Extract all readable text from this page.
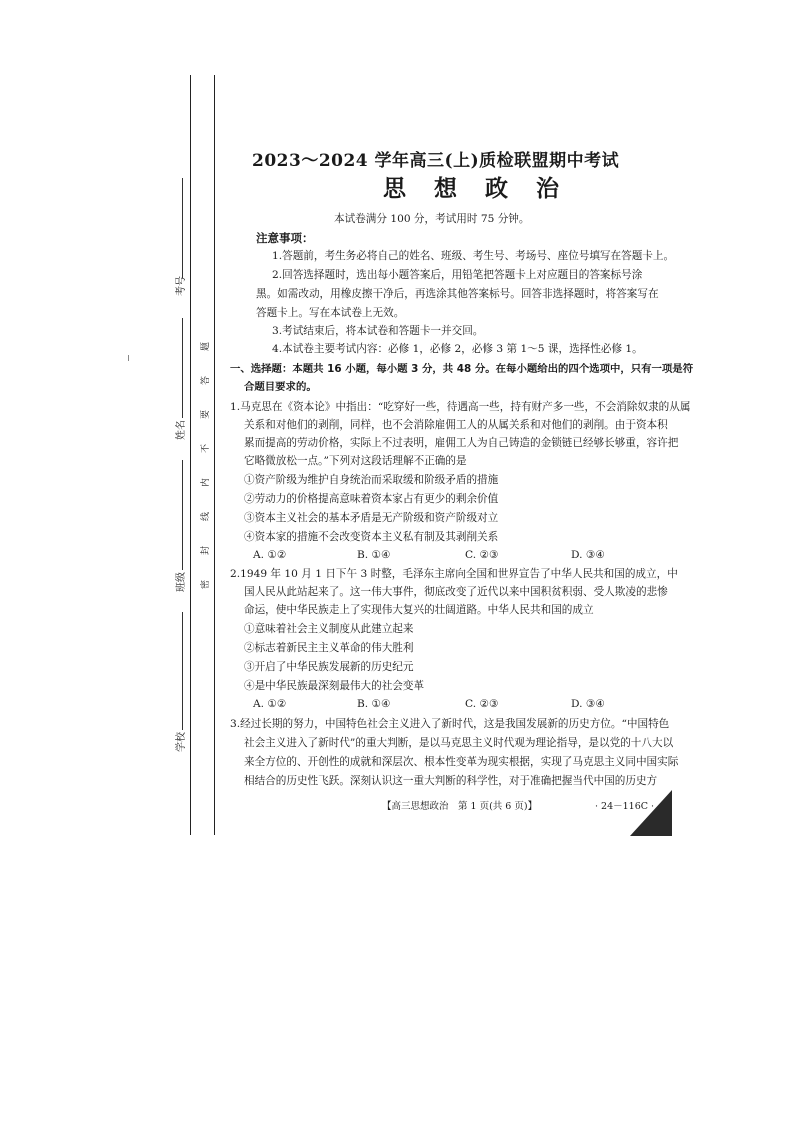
考号
姓名
班级
学校
密
封
线
内
不
要
答
题
2023～2024 学年高三(上)质检联盟期中考试
思 想 政 治
本试卷满分 100 分，考试用时 75 分钟。
注意事项：
1.答题前，考生务必将自己的姓名、班级、考生号、考场号、座位号填写在答题卡上。
2.回答选择题时，选出每小题答案后，用铅笔把答题卡上对应题目的答案标号涂
黑。如需改动，用橡皮擦干净后，再选涂其他答案标号。回答非选择题时，将答案写在
答题卡上。写在本试卷上无效。
3.考试结束后，将本试卷和答题卡一并交回。
4.本试卷主要考试内容：必修 1，必修 2，必修 3 第 1～5 课，选择性必修 1。
一、选择题：本题共 16 小题，每小题 3 分，共 48 分。在每小题给出的四个选项中，只有一项是符
合题目要求的。
1.马克思在《资本论》中指出：“吃穿好一些，待遇高一些，持有财产多一些，不会消除奴隶的从属
关系和对他们的剥削，同样，也不会消除雇佣工人的从属关系和对他们的剥削。由于资本积
累而提高的劳动价格，实际上不过表明，雇佣工人为自己铸造的金锁链已经够长够重，容许把
它略微放松一点。”下列对这段话理解不正确的是
①资产阶级为维护自身统治而采取缓和阶级矛盾的措施
②劳动力的价格提高意味着资本家占有更少的剩余价值
③资本主义社会的基本矛盾是无产阶级和资产阶级对立
④资本家的措施不会改变资本主义私有制及其剥削关系
A. ①②	B. ①④	C. ②③	D. ③④
2.1949 年 10 月 1 日下午 3 时整，毛泽东主席向全国和世界宣告了中华人民共和国的成立，中
国人民从此站起来了。这一伟大事件，彻底改变了近代以来中国积贫积弱、受人欺凌的悲惨
命运，使中华民族走上了实现伟大复兴的壮阔道路。中华人民共和国的成立
①意味着社会主义制度从此建立起来
②标志着新民主主义革命的伟大胜利
③开启了中华民族发展新的历史纪元
④是中华民族最深刻最伟大的社会变革
A. ①②	B. ①④	C. ②③	D. ③④
3.经过长期的努力，中国特色社会主义进入了新时代，这是我国发展新的历史方位。“中国特色
社会主义进入了新时代”的重大判断，是以马克思主义时代观为理论指导，是以党的十八大以
来全方位的、开创性的成就和深层次、根本性变革为现实根据，实现了马克思主义同中国实际
相结合的历史性飞跃。深刻认识这一重大判断的科学性，对于准确把握当代中国的历史方
【高三思想政治　第 1 页(共 6 页)】	· 24－116C ·
